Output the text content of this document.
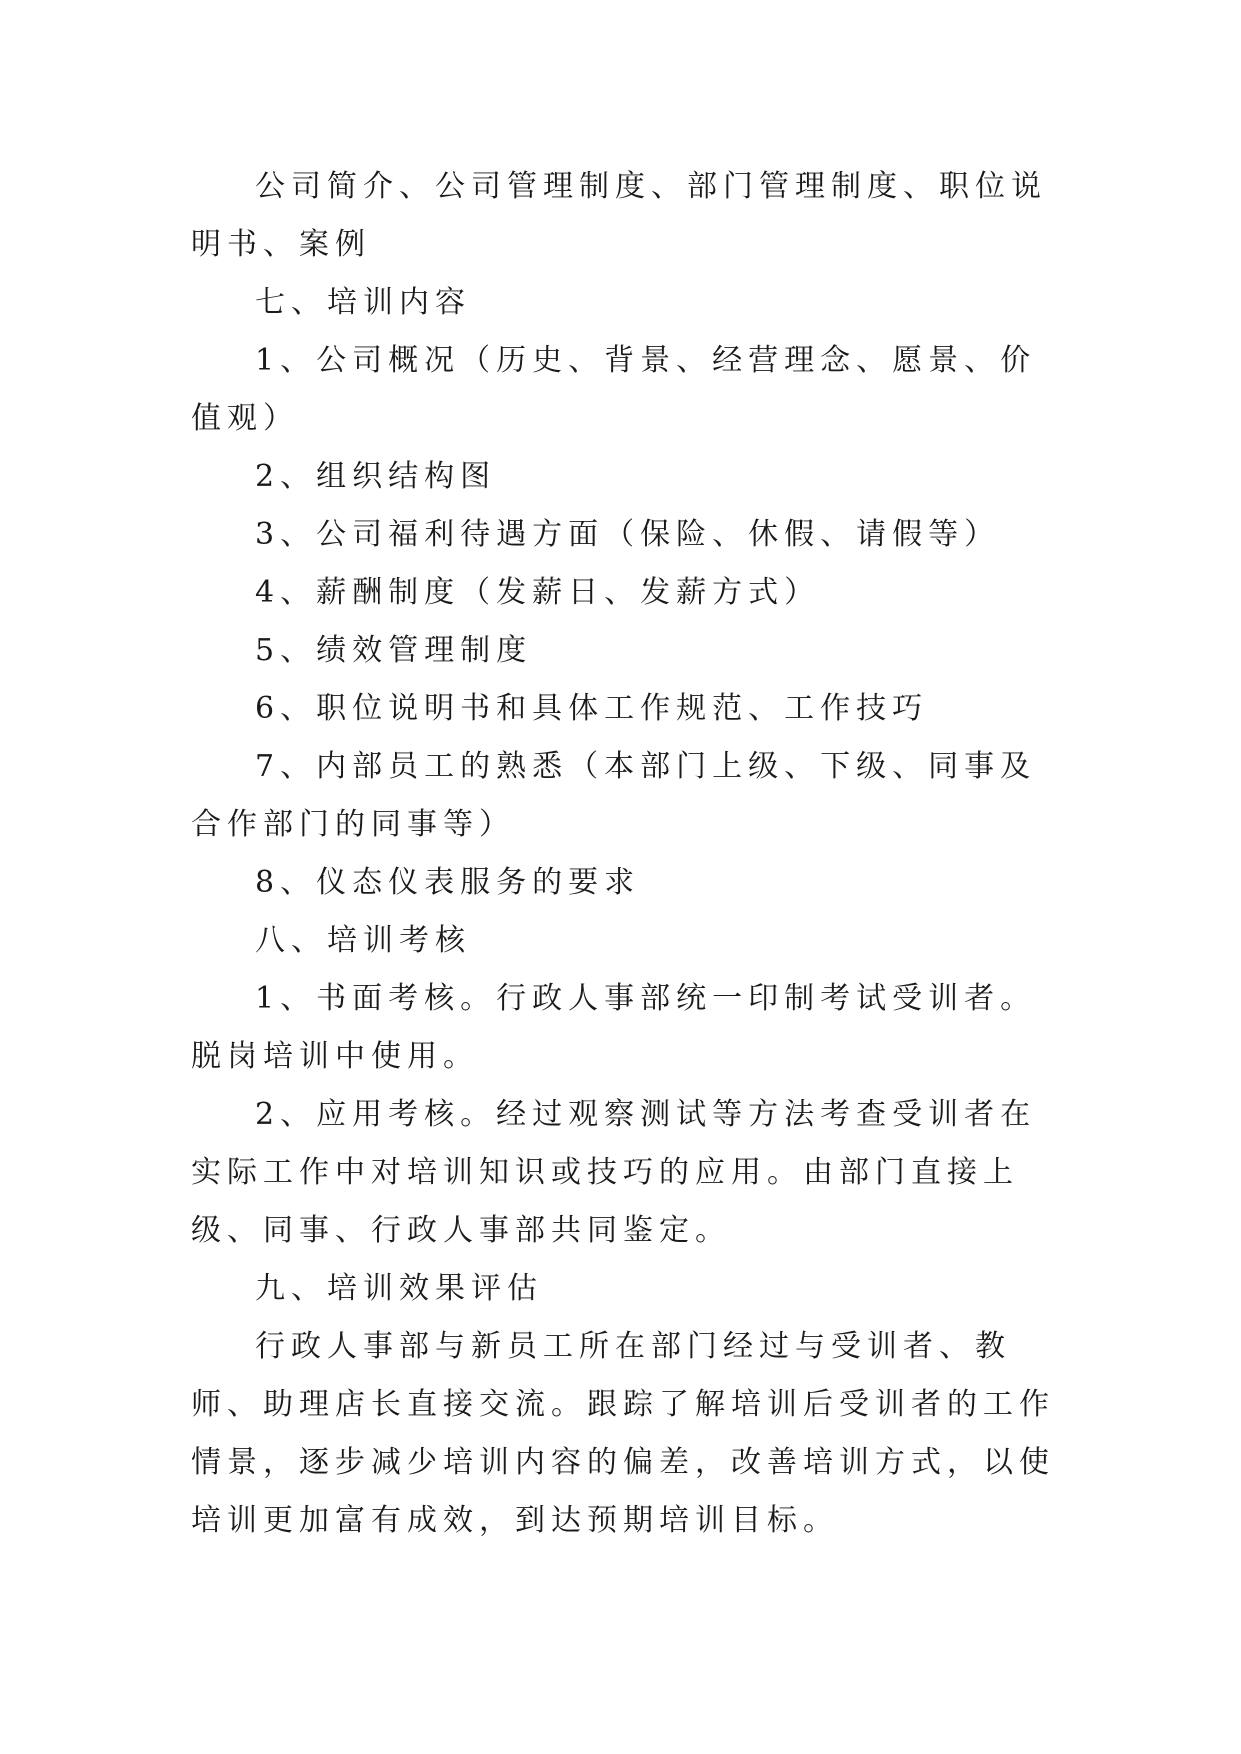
公司简介、公司管理制度、部门管理制度、职位说明书、案例

七、培训内容

1、公司概况（历史、背景、经营理念、愿景、价值观）

2、组织结构图

3、公司福利待遇方面（保险、休假、请假等）

4、薪酬制度（发薪日、发薪方式）

5、绩效管理制度

6、职位说明书和具体工作规范、工作技巧

7、内部员工的熟悉（本部门上级、下级、同事及合作部门的同事等）

8、仪态仪表服务的要求

八、培训考核

1、书面考核。行政人事部统一印制考试受训者。脱岗培训中使用。

2、应用考核。经过观察测试等方法考查受训者在实际工作中对培训知识或技巧的应用。由部门直接上级、同事、行政人事部共同鉴定。

九、培训效果评估

行政人事部与新员工所在部门经过与受训者、教师、助理店长直接交流。跟踪了解培训后受训者的工作情景，逐步减少培训内容的偏差，改善培训方式，以使培训更加富有成效，到达预期培训目标。
